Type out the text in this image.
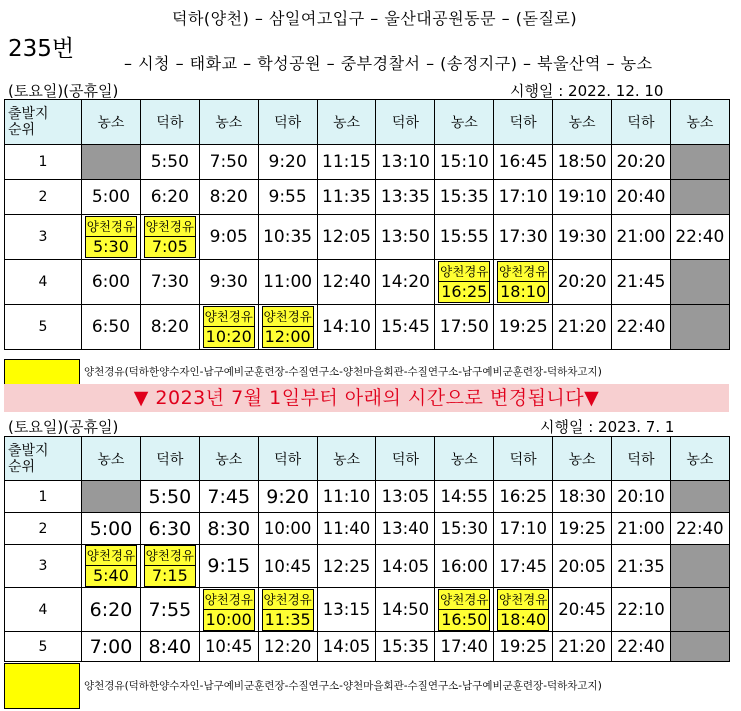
덕하(양천) – 삼일여고입구 – 울산대공원동문 – (돋질로)
235번
– 시청 – 태화교 – 학성공원 – 중부경찰서 – (송정지구) – 북울산역 – 농소
(토요일)(공휴일)	시행일 : 2022. 12. 10
출발지
순위	농소	덕하	농소	덕하	농소	덕하	농소	덕하	농소	덕하	농소
1		5:50	7:50	9:20	11:15	13:10	15:10	16:45	18:50	20:20	
2	5:00	6:20	8:20	9:55	11:35	13:35	15:35	17:10	19:10	20:40	
3	양천경유
5:30	양천경유
7:05	9:05	10:35	12:05	13:50	15:55	17:30	19:30	21:00	22:40
4	6:00	7:30	9:30	11:00	12:40	14:20	양천경유
16:25	양천경유
18:10	20:20	21:45	
5	6:50	8:20	양천경유
10:20	양천경유
12:00	14:10	15:45	17:50	19:25	21:20	22:40	
양천경유(덕하한양수자인-남구예비군훈련장-수질연구소-양천마을회관-수질연구소-남구예비군훈련장-덕하차고지)
▼ 2023년 7월 1일부터 아래의 시간으로 변경됩니다▼
(토요일)(공휴일)	시행일 : 2023. 7. 1
출발지
순위	농소	덕하	농소	덕하	농소	덕하	농소	덕하	농소	덕하	농소
1		5:50	7:45	9:20	11:10	13:05	14:55	16:25	18:30	20:10	
2	5:00	6:30	8:30	10:00	11:40	13:40	15:30	17:10	19:25	21:00	22:40
3	양천경유
5:40	양천경유
7:15	9:15	10:45	12:25	14:05	16:00	17:45	20:05	21:35	
4	6:20	7:55	양천경유
10:00	양천경유
11:35	13:15	14:50	양천경유
16:50	양천경유
18:40	20:45	22:10	
5	7:00	8:40	10:45	12:20	14:05	15:35	17:40	19:25	21:20	22:40	
양천경유(덕하한양수자인-남구예비군훈련장-수질연구소-양천마을회관-수질연구소-남구예비군훈련장-덕하차고지)
